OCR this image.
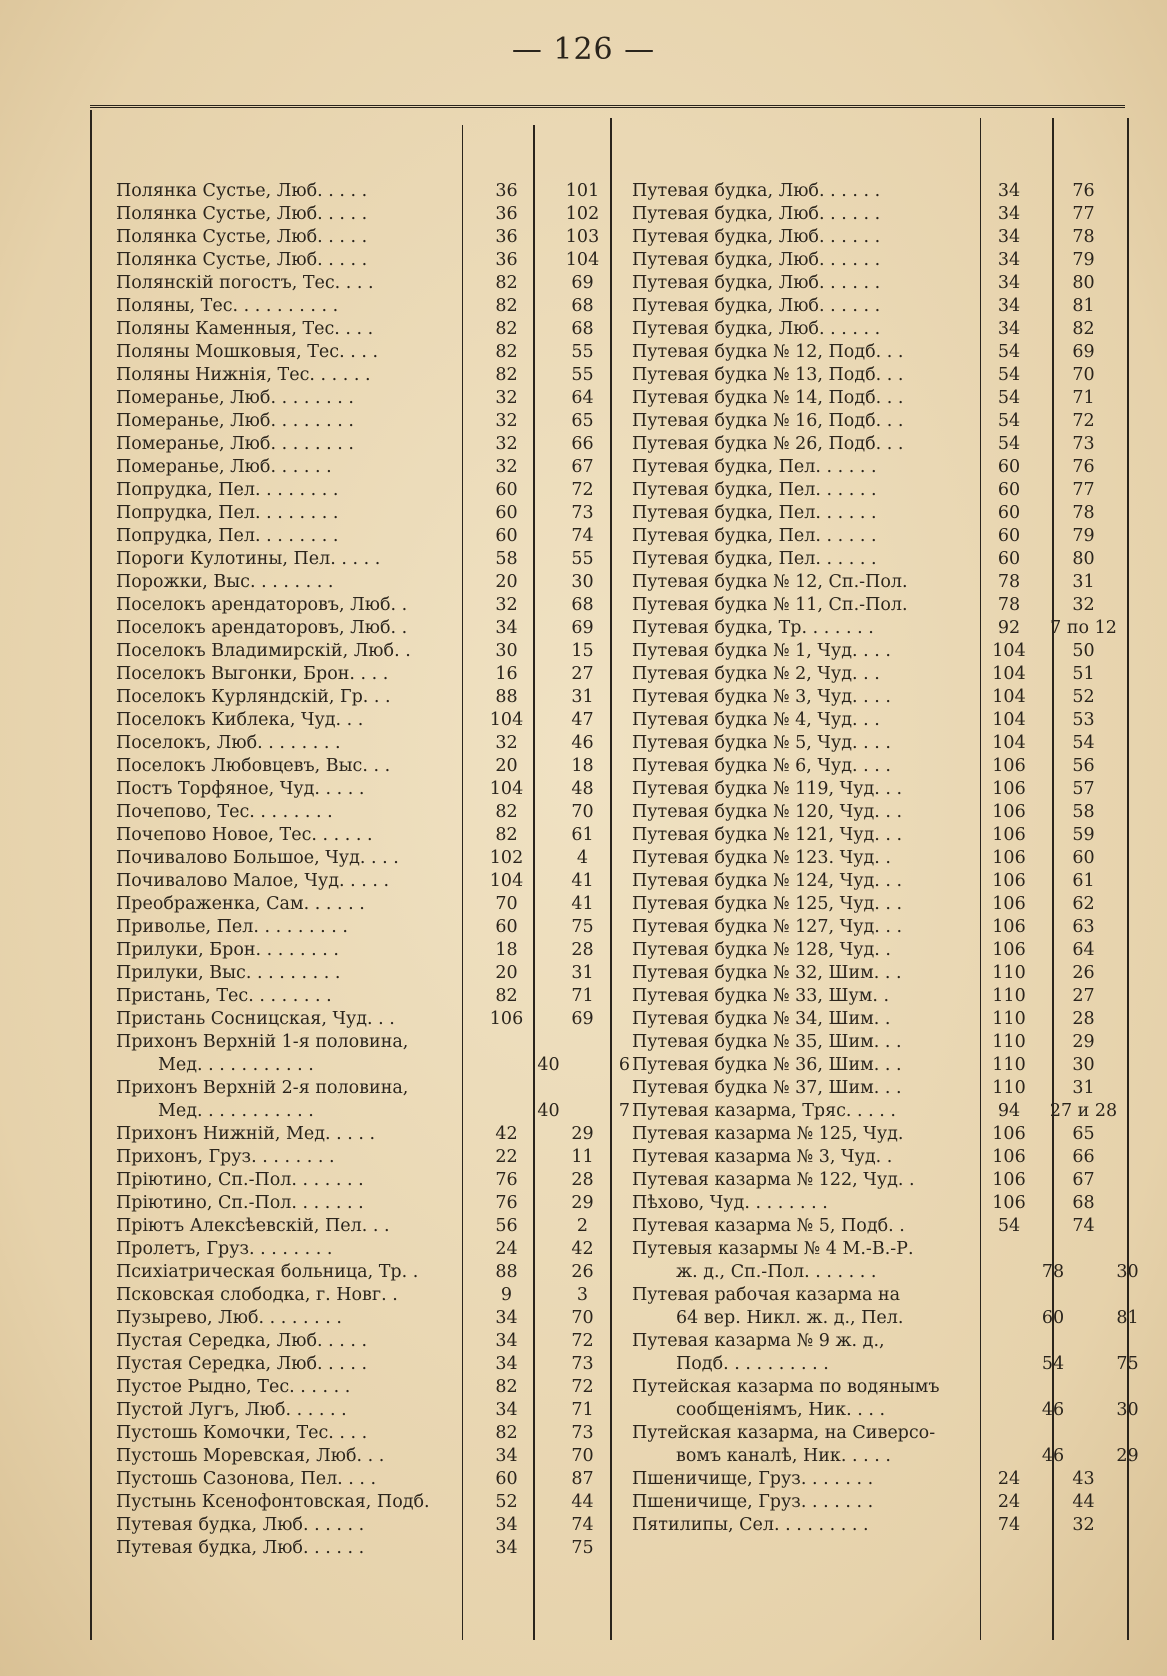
— 126 —
Полянка Сустье, Люб. . . . .	36	101
Полянка Сустье, Люб. . . . .	36	102
Полянка Сустье, Люб. . . . .	36	103
Полянка Сустье, Люб. . . . .	36	104
Полянскій погостъ, Тес. . . .	82	69
Поляны, Тес. . . . . . . . . .	82	68
Поляны Каменныя, Тес. . . .	82	68
Поляны Мошковыя, Тес. . . .	82	55
Поляны Нижнія, Тес. . . . . .	82	55
Померанье, Люб. . . . . . . .	32	64
Померанье, Люб. . . . . . . .	32	65
Померанье, Люб. . . . . . . .	32	66
Померанье, Люб. . . . . .	32	67
Попрудка, Пел. . . . . . . .	60	72
Попрудка, Пел. . . . . . . .	60	73
Попрудка, Пел. . . . . . . .	60	74
Пороги Кулотины, Пел. . . . .	58	55
Порожки, Выс. . . . . . . .	20	30
Поселокъ арендаторовъ, Люб. .	32	68
Поселокъ арендаторовъ, Люб. .	34	69
Поселокъ Владимирскій, Люб. .	30	15
Поселокъ Выгонки, Брон. . . .	16	27
Поселокъ Курляндскій, Гр. . .	88	31
Поселокъ Киблека, Чуд. . .	104	47
Поселокъ, Люб. . . . . . . .	32	46
Поселокъ Любовцевъ, Выс. . .	20	18
Постъ Торфяное, Чуд. . . . .	104	48
Почепово, Тес. . . . . . . .	82	70
Почепово Новое, Тес. . . . . .	82	61
Почивалово Большое, Чуд. . . .	102	4
Почивалово Малое, Чуд. . . . .	104	41
Преображенка, Сам. . . . . .	70	41
Приволье, Пел. . . . . . . . .	60	75
Прилуки, Брон. . . . . . . .	18	28
Прилуки, Выс. . . . . . . . .	20	31
Пристань, Тес. . . . . . . .	82	71
Пристань Сосницская, Чуд. . .	106	69
Прихонъ Верхній 1-я половина,
Мед. . . . . . . . . . .	40	6
Прихонъ Верхній 2-я половина,
Мед. . . . . . . . . . .	40	7
Прихонъ Нижній, Мед. . . . .	42	29
Прихонъ, Груз. . . . . . . .	22	11
Пріютино, Сп.-Пол. . . . . . .	76	28
Пріютино, Сп.-Пол. . . . . . .	76	29
Пріютъ Алексѣевскій, Пел. . .	56	2
Пролетъ, Груз. . . . . . . .	24	42
Психіатрическая больница, Тр. .	88	26
Псковская слободка, г. Новг. .	9	3
Пузырево, Люб. . . . . . . .	34	70
Пустая Середка, Люб. . . . .	34	72
Пустая Середка, Люб. . . . .	34	73
Пустое Рыдно, Тес. . . . . .	82	72
Пустой Лугъ, Люб. . . . . .	34	71
Пустошь Комочки, Тес. . . .	82	73
Пустошь Моревская, Люб. . .	34	70
Пустошь Сазонова, Пел. . . .	60	87
Пустынь Ксенофонтовская, Подб.	52	44
Путевая будка, Люб. . . . . .	34	74
Путевая будка, Люб. . . . . .	34	75
Путевая будка, Люб. . . . . .	34	76
Путевая будка, Люб. . . . . .	34	77
Путевая будка, Люб. . . . . .	34	78
Путевая будка, Люб. . . . . .	34	79
Путевая будка, Люб. . . . . .	34	80
Путевая будка, Люб. . . . . .	34	81
Путевая будка, Люб. . . . . .	34	82
Путевая будка № 12, Подб. . .	54	69
Путевая будка № 13, Подб. . .	54	70
Путевая будка № 14, Подб. . .	54	71
Путевая будка № 16, Подб. . .	54	72
Путевая будка № 26, Подб. . .	54	73
Путевая будка, Пел. . . . . .	60	76
Путевая будка, Пел. . . . . .	60	77
Путевая будка, Пел. . . . . .	60	78
Путевая будка, Пел. . . . . .	60	79
Путевая будка, Пел. . . . . .	60	80
Путевая будка № 12, Сп.-Пол.	78	31
Путевая будка № 11, Сп.-Пол.	78	32
Путевая будка, Тр. . . . . . .	92	7 по 12
Путевая будка № 1, Чуд. . . .	104	50
Путевая будка № 2, Чуд. . .	104	51
Путевая будка № 3, Чуд. . . .	104	52
Путевая будка № 4, Чуд. . .	104	53
Путевая будка № 5, Чуд. . . .	104	54
Путевая будка № 6, Чуд. . . .	106	56
Путевая будка № 119, Чуд. . .	106	57
Путевая будка № 120, Чуд. . .	106	58
Путевая будка № 121, Чуд. . .	106	59
Путевая будка № 123. Чуд. .	106	60
Путевая будка № 124, Чуд. . .	106	61
Путевая будка № 125, Чуд. . .	106	62
Путевая будка № 127, Чуд. . .	106	63
Путевая будка № 128, Чуд. .	106	64
Путевая будка № 32, Шим. . .	110	26
Путевая будка № 33, Шум. .	110	27
Путевая будка № 34, Шим. .	110	28
Путевая будка № 35, Шим. . .	110	29
Путевая будка № 36, Шим. . .	110	30
Путевая будка № 37, Шим. . .	110	31
Путевая казарма, Тряс. . . . .	94	27 и 28
Путевая казарма № 125, Чуд.	106	65
Путевая казарма № 3, Чуд. .	106	66
Путевая казарма № 122, Чуд. .	106	67
Пѣхово, Чуд. . . . . . . .	106	68
Путевая казарма № 5, Подб. .	54	74
Путевыя казармы № 4 М.-В.-Р.
ж. д., Сп.-Пол. . . . . . .	78	30
Путевая рабочая казарма на
64 вер. Никл. ж. д., Пел.	60	81
Путевая казарма № 9 ж. д.,
Подб. . . . . . . . . .	54	75
Путейская казарма по водянымъ
сообщеніямъ, Ник. . . .	46	30
Путейская казарма, на Сиверсо-
вомъ каналѣ, Ник. . . . .	46	29
Пшеничище, Груз. . . . . . .	24	43
Пшеничище, Груз. . . . . . .	24	44
Пятилипы, Сел. . . . . . . . .	74	32
